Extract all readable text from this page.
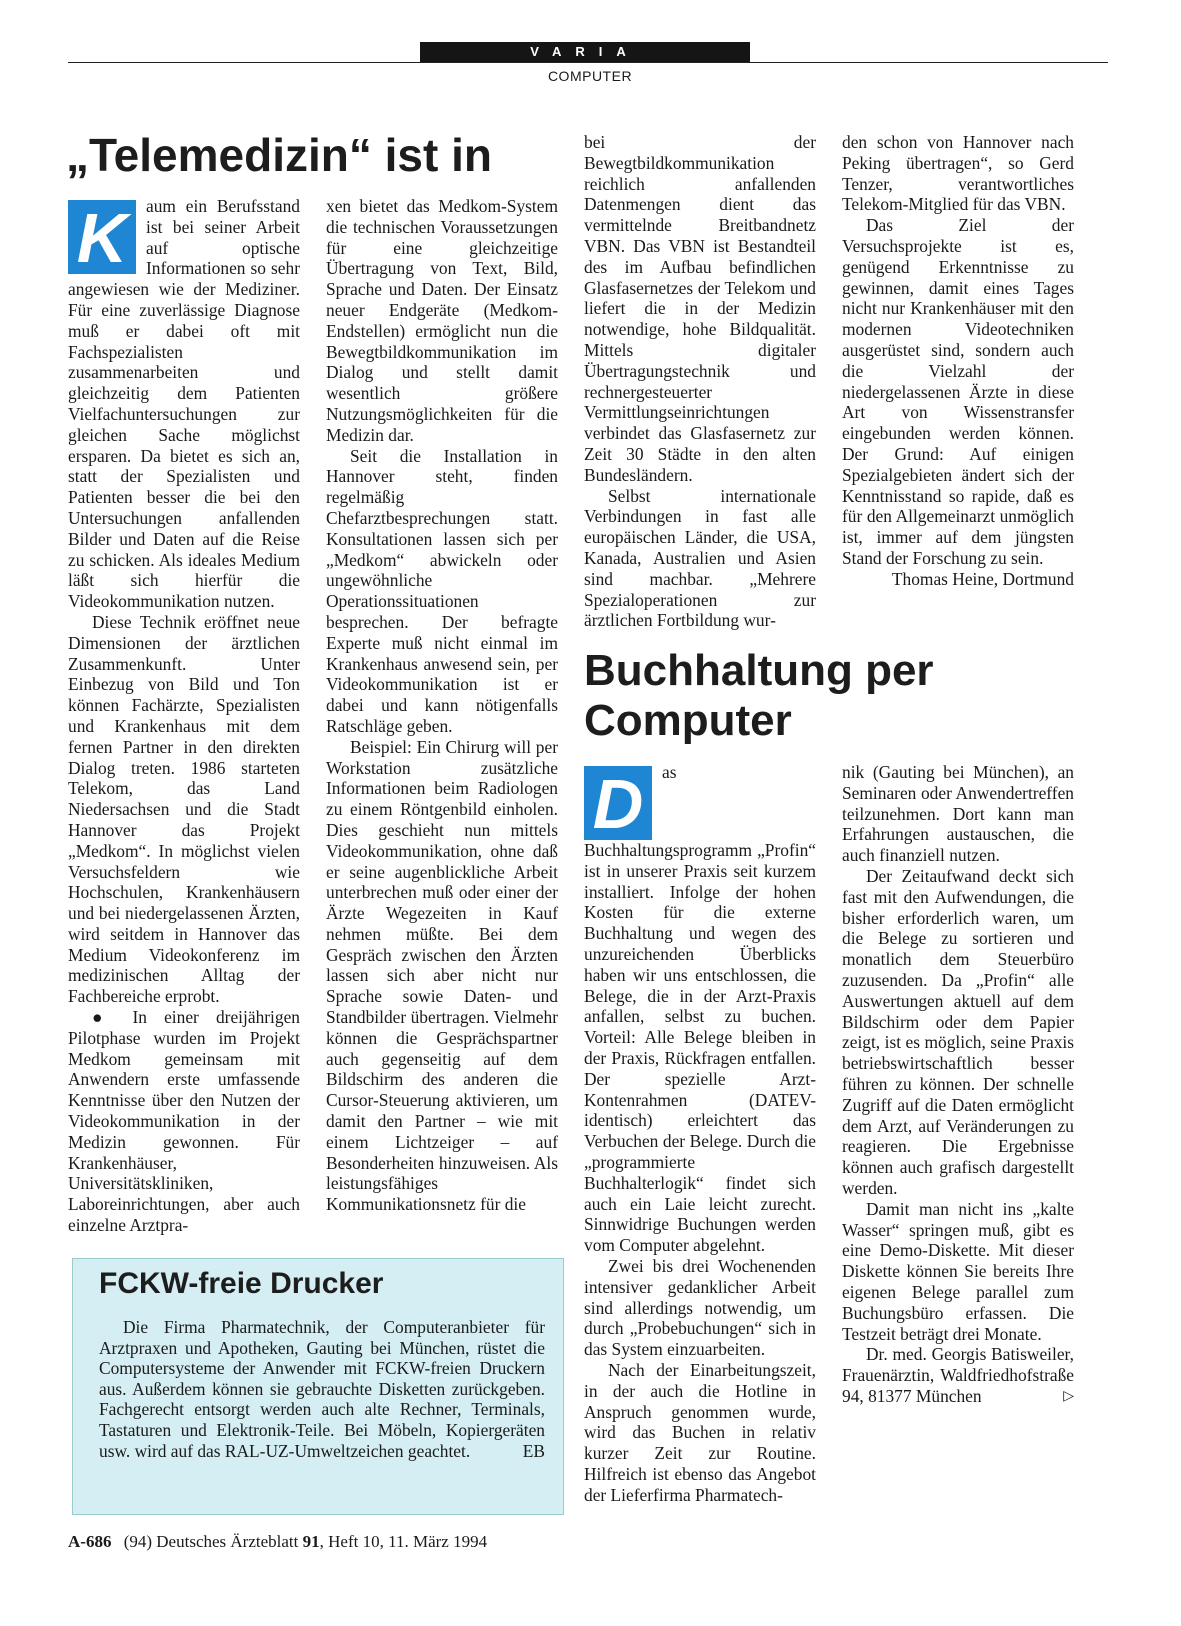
VARIA
COMPUTER
„Telemedizin“ ist in
K	aum ein Berufsstand ist bei seiner Arbeit auf optische Informationen so sehr angewiesen wie der Mediziner. Für eine zuverlässige Diagnose muß er dabei oft mit Fachspezialisten zusammenarbeiten und gleichzeitig dem Patienten Vielfachuntersuchungen zur gleichen Sache möglichst ersparen. Da bietet es sich an, statt der Spezialisten und Patienten besser die bei den Untersuchungen anfallenden Bilder und Daten auf die Reise zu schicken. Als ideales Medium läßt sich hierfür die Videokommunikation nutzen.

Diese Technik eröffnet neue Dimensionen der ärztlichen Zusammenkunft. Unter Einbezug von Bild und Ton können Fachärzte, Spezialisten und Krankenhaus mit dem fernen Partner in den direkten Dialog treten. 1986 starteten Telekom, das Land Niedersachsen und die Stadt Hannover das Projekt „Medkom“. In möglichst vielen Versuchsfeldern wie Hochschulen, Krankenhäusern und bei niedergelassenen Ärzten, wird seitdem in Hannover das Medium Videokonferenz im medizinischen Alltag der Fachbereiche erprobt.

● In einer dreijährigen Pilotphase wurden im Projekt Medkom gemeinsam mit Anwendern erste umfassende Kenntnisse über den Nutzen der Videokommunikation in der Medizin gewonnen. Für Krankenhäuser, Universitätskliniken, Laboreinrichtungen, aber auch einzelne Arztpra-

xen bietet das Medkom-System die technischen Voraussetzungen für eine gleichzeitige Übertragung von Text, Bild, Sprache und Daten. Der Einsatz neuer Endgeräte (Medkom-Endstellen) ermöglicht nun die Bewegtbildkommunikation im Dialog und stellt damit wesentlich größere Nutzungsmöglichkeiten für die Medizin dar.

Seit die Installation in Hannover steht, finden regelmäßig Chefarztbesprechungen statt. Konsultationen lassen sich per „Medkom“ abwickeln oder ungewöhnliche Operationssituationen besprechen. Der befragte Experte muß nicht einmal im Krankenhaus anwesend sein, per Videokommunikation ist er dabei und kann nötigenfalls Ratschläge geben.

Beispiel: Ein Chirurg will per Workstation zusätzliche Informationen beim Radiologen zu einem Röntgenbild einholen. Dies geschieht nun mittels Videokommunikation, ohne daß er seine augenblickliche Arbeit unterbrechen muß oder einer der Ärzte Wegezeiten in Kauf nehmen müßte. Bei dem Gespräch zwischen den Ärzten lassen sich aber nicht nur Sprache sowie Daten- und Standbilder übertragen. Vielmehr können die Gesprächspartner auch gegenseitig auf dem Bildschirm des anderen die Cursor-Steuerung aktivieren, um damit den Partner – wie mit einem Lichtzeiger – auf Besonderheiten hinzuweisen. Als leistungsfähiges Kommunikationsnetz für die

bei der Bewegtbildkommunikation reichlich anfallenden Datenmengen dient das vermittelnde Breitbandnetz VBN. Das VBN ist Bestandteil des im Aufbau befindlichen Glasfasernetzes der Telekom und liefert die in der Medizin notwendige, hohe Bildqualität. Mittels digitaler Übertragungstechnik und rechnergesteuerter Vermittlungseinrichtungen verbindet das Glasfasernetz zur Zeit 30 Städte in den alten Bundesländern.

Selbst internationale Verbindungen in fast alle europäischen Länder, die USA, Kanada, Australien und Asien sind machbar. „Mehrere Spezialoperationen zur ärztlichen Fortbildung wur-

den schon von Hannover nach Peking übertragen“, so Gerd Tenzer, verantwortliches Telekom-Mitglied für das VBN.

Das Ziel der Versuchsprojekte ist es, genügend Erkenntnisse zu gewinnen, damit eines Tages nicht nur Krankenhäuser mit den modernen Videotechniken ausgerüstet sind, sondern auch die Vielzahl der niedergelassenen Ärzte in diese Art von Wissenstransfer eingebunden werden können. Der Grund: Auf einigen Spezialgebieten ändert sich der Kenntnisstand so rapide, daß es für den Allgemeinarzt unmöglich ist, immer auf dem jüngsten Stand der Forschung zu sein.

Thomas Heine, Dortmund

Buchhaltung per
Computer
D	as Buchhaltungsprogramm „Profin“ ist in unserer Praxis seit kurzem installiert. Infolge der hohen Kosten für die externe Buchhaltung und wegen des unzureichenden Überblicks haben wir uns entschlossen, die Belege, die in der Arzt-Praxis anfallen, selbst zu buchen. Vorteil: Alle Belege bleiben in der Praxis, Rückfragen entfallen. Der spezielle Arzt-Kontenrahmen (DATEV-identisch) erleichtert das Verbuchen der Belege. Durch die „programmierte Buchhalterlogik“ findet sich auch ein Laie leicht zurecht. Sinnwidrige Buchungen werden vom Computer abgelehnt.

Zwei bis drei Wochenenden intensiver gedanklicher Arbeit sind allerdings notwendig, um durch „Probebuchungen“ sich in das System einzuarbeiten.

Nach der Einarbeitungszeit, in der auch die Hotline in Anspruch genommen wurde, wird das Buchen in relativ kurzer Zeit zur Routine. Hilfreich ist ebenso das Angebot der Lieferfirma Pharmatech-

nik (Gauting bei München), an Seminaren oder Anwendertreffen teilzunehmen. Dort kann man Erfahrungen austauschen, die auch finanziell nutzen.

Der Zeitaufwand deckt sich fast mit den Aufwendungen, die bisher erforderlich waren, um die Belege zu sortieren und monatlich dem Steuerbüro zuzusenden. Da „Profin“ alle Auswertungen aktuell auf dem Bildschirm oder dem Papier zeigt, ist es möglich, seine Praxis betriebswirtschaftlich besser führen zu können. Der schnelle Zugriff auf die Daten ermöglicht dem Arzt, auf Veränderungen zu reagieren. Die Ergebnisse können auch grafisch dargestellt werden.

Damit man nicht ins „kalte Wasser“ springen muß, gibt es eine Demo-Diskette. Mit dieser Diskette können Sie bereits Ihre eigenen Belege parallel zum Buchungsbüro erfassen. Die Testzeit beträgt drei Monate.

Dr. med. Georgis Batisweiler, Frauenärztin, Waldfriedhofstraße 94, 81377 München	▷

FCKW-freie Drucker

Die Firma Pharmatechnik, der Computeranbieter für Arztpraxen und Apotheken, Gauting bei München, rüstet die Computersysteme der Anwender mit FCKW-freien Druckern aus. Außerdem können sie gebrauchte Disketten zurückgeben. Fachgerecht entsorgt werden auch alte Rechner, Terminals, Tastaturen und Elektronik-Teile. Bei Möbeln, Kopiergeräten usw. wird auf das RAL-UZ-Umweltzeichen geachtet.	EB

A-686 (94) Deutsches Ärzteblatt 91, Heft 10, 11. März 1994
